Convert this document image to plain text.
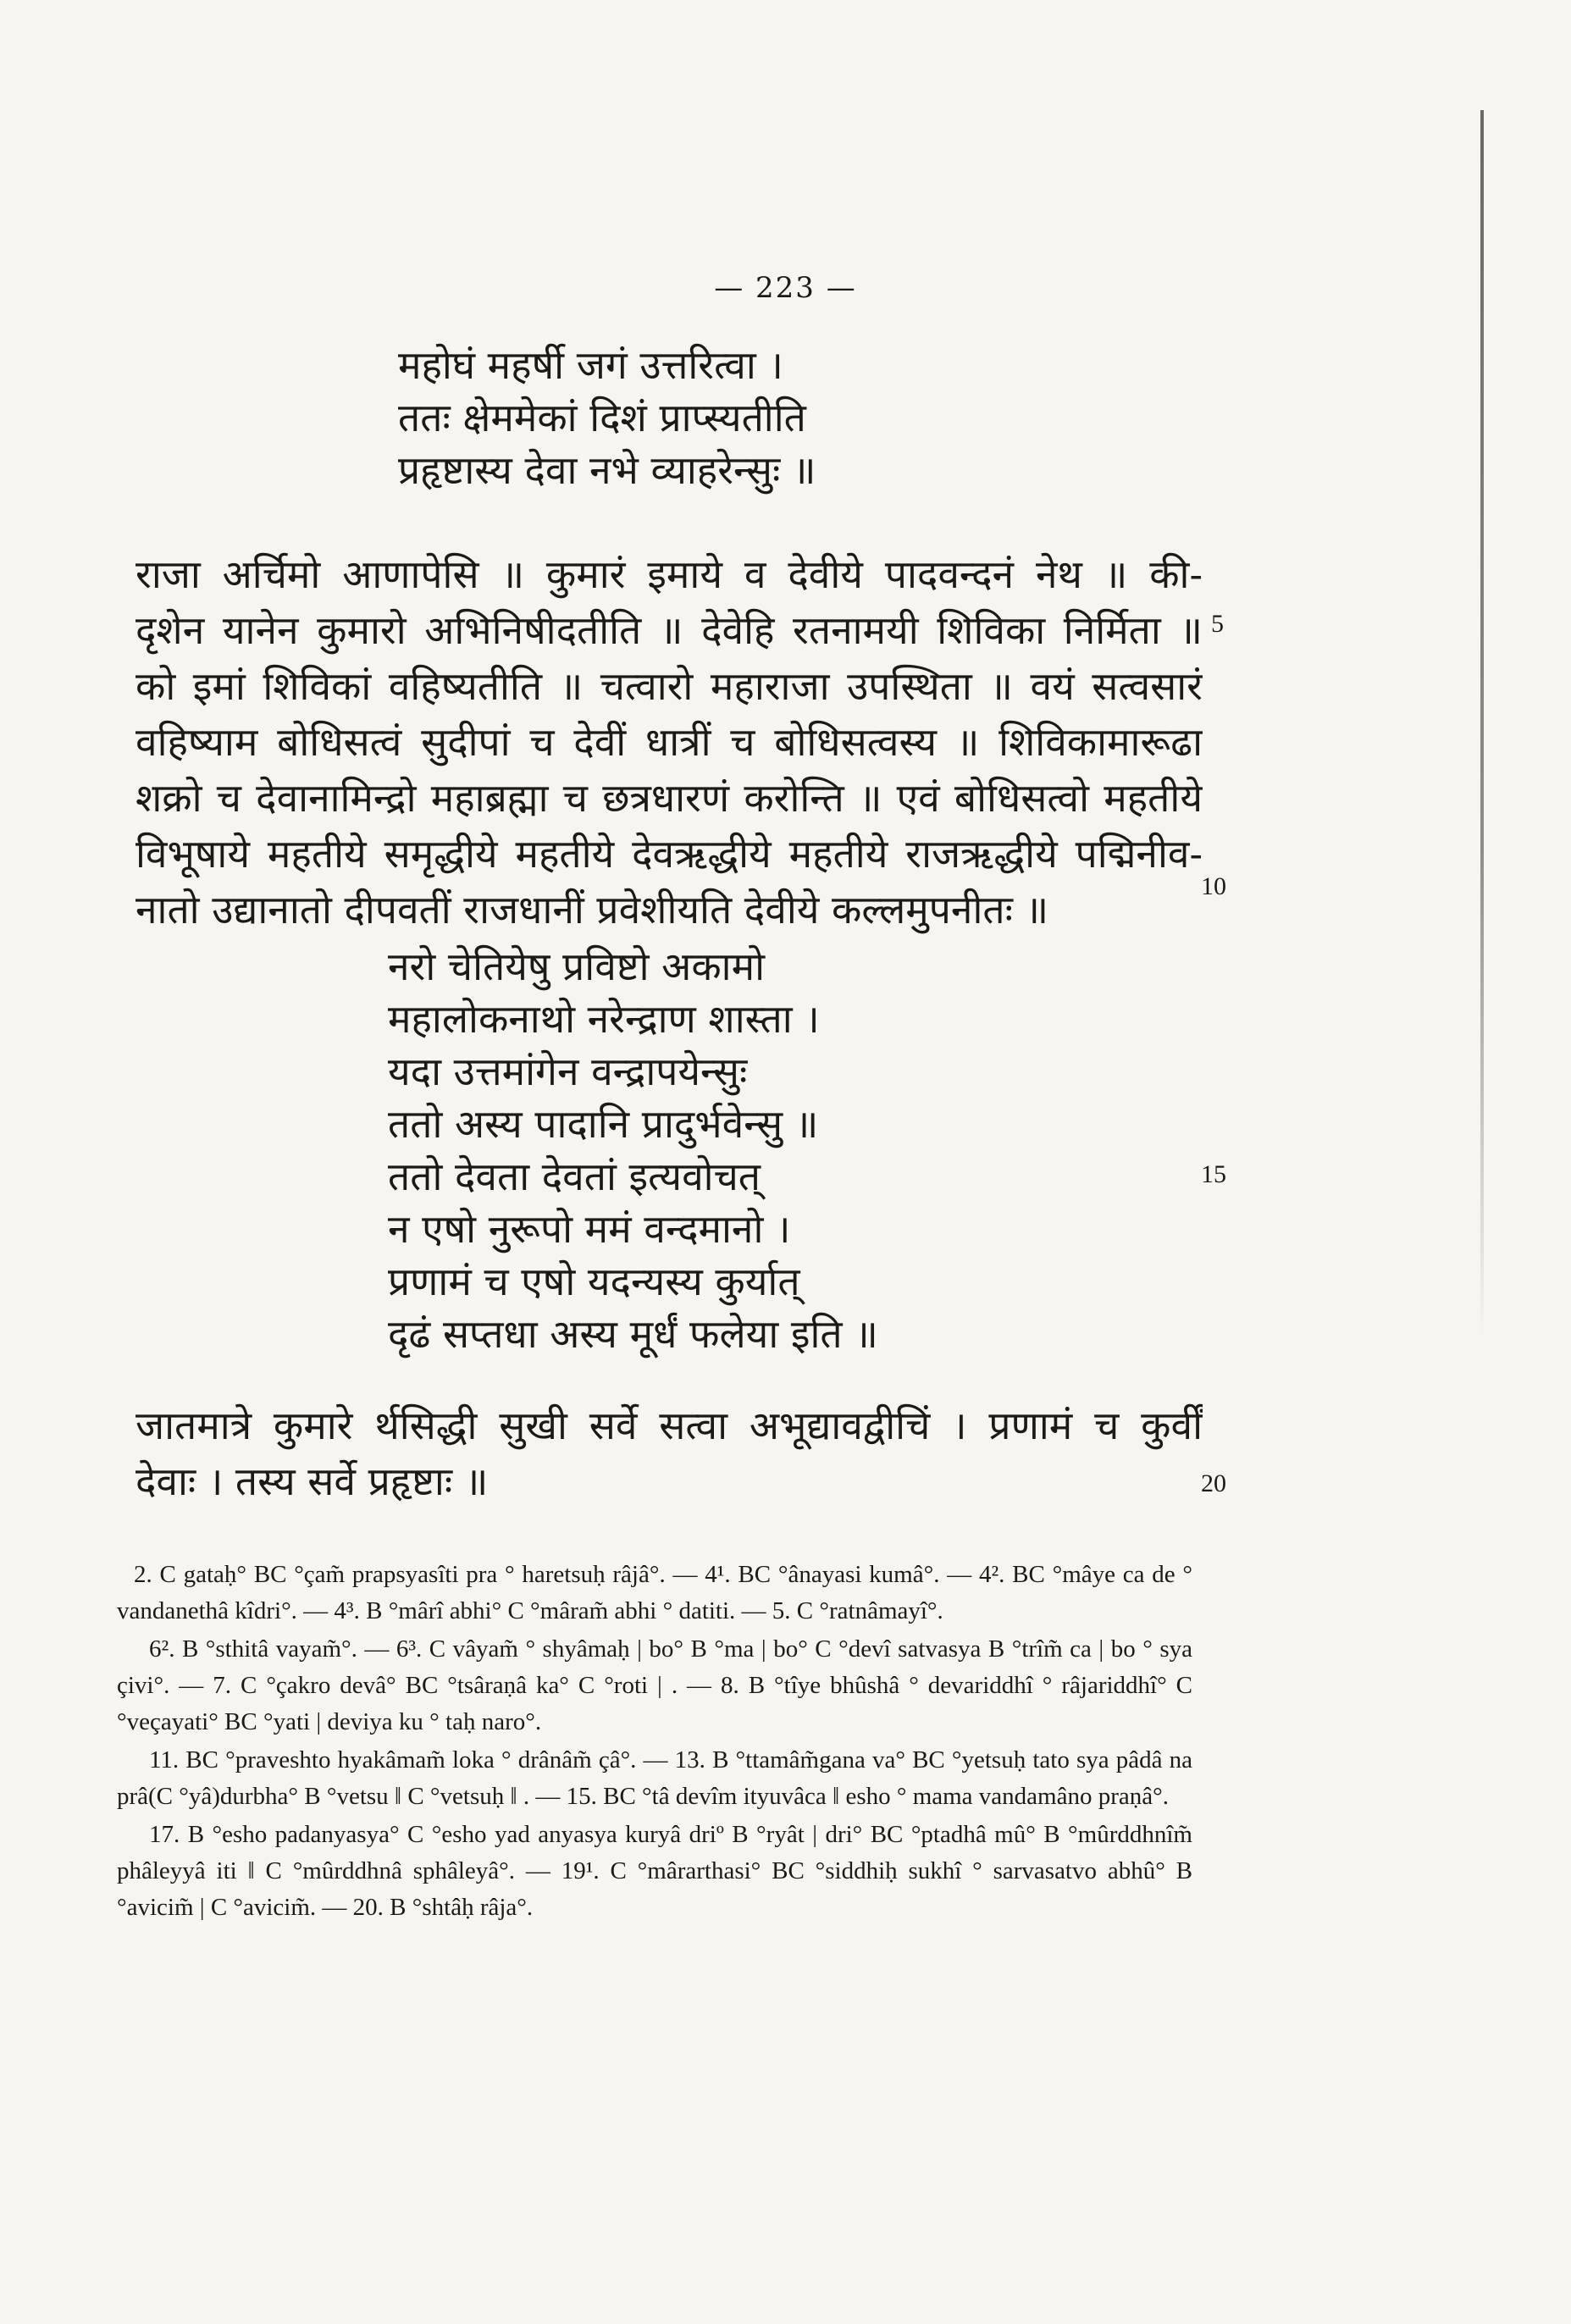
— 223 —
महोघं महर्षी जगं उत्तरित्वा ।
ततः क्षेममेकां दिशं प्राप्स्यतीति
प्रहृष्टास्य देवा नभे व्याहरेन्सुः ॥
राजा अर्चिमो आणापेसि ॥ कुमारं इमाये व देवीये पादवन्दनं नेथ ॥ की-
दृशेन यानेन कुमारो अभिनिषीदतीति ॥ देवेहि रतनामयी शिविका निर्मिता ॥
को इमां शिविकां वहिष्यतीति ॥ चत्वारो महाराजा उपस्थिता ॥ वयं सत्वसारं
वहिष्याम बोधिसत्वं सुदीपां च देवीं धात्रीं च बोधिसत्वस्य ॥ शिविकामारूढा
शक्रो च देवानामिन्द्रो महाब्रह्मा च छत्रधारणं करोन्ति ॥ एवं बोधिसत्वो महतीये
विभूषाये महतीये समृद्धीये महतीये देवऋद्धीये महतीये राजऋद्धीये पद्मिनीव-
नातो उद्यानातो दीपवतीं राजधानीं प्रवेशीयति देवीये कल्लमुपनीतः ॥
नरो चेतियेषु प्रविष्टो अकामो
महालोकनाथो नरेन्द्राण शास्ता ।
यदा उत्तमांगेन वन्द्रापयेन्सुः
ततो अस्य पादानि प्रादुर्भवेन्सु ॥
ततो देवता देवतां इत्यवोचत्
न एषो नुरूपो ममं वन्दमानो ।
प्रणामं च एषो यदन्यस्य कुर्यात्
दृढं सप्तधा अस्य मूर्धं फलेया इति ॥
जातमात्रे कुमारे र्थसिद्धी सुखी सर्वे सत्वा अभूद्यावद्वीचिं । प्रणामं च कुर्वीं
देवाः । तस्य सर्वे प्रहृष्टाः ॥
5
10
15
20

2. C gataḥ° BC °çam̃ prapsyasîti pra ° haretsuḥ râjâ°. — 4¹. BC °ânayasi kumâ°. — 4². BC °mâye ca de ° vandanethâ kîdri°. — 4³. B °mârî abhi° C °mâram̃ abhi ° datiti. — 5. C °ratnâmayî°.

6². B °sthitâ vayam̃°. — 6³. C vâyam̃ ° shyâmaḥ | bo° B °ma | bo° C °devî satvasya B °trîm̃ ca | bo ° sya çivi°. — 7. C °çakro devâ° BC °tsâraṇâ ka° C °roti | . — 8. B °tîye bhûshâ ° devariddhî ° râjariddhî° C °veçayati° BC °yati | deviya ku ° taḥ naro°.

11. BC °praveshto hyakâmam̃ loka ° drânâm̃ çâ°. — 13. B °ttamâm̃gana va° BC °yetsuḥ tato sya pâdâ na prâ(C °yâ)durbha° B °vetsu ‖ C °vetsuḥ ‖ . — 15. BC °tâ devîm ityuvâca ‖ esho ° mama vandamâno praṇâ°.

17. B °esho padanyasya° C °esho yad anyasya kuryâ driº B °ryât | dri° BC °ptadhâ mû° B °mûrddhnîm̃ phâleyyâ iti ‖ C °mûrddhnâ sphâleyâ°. — 19¹. C °mârarthasi° BC °siddhiḥ sukhî ° sarvasatvo abhû° B °avicim̃ | C °avicim̃. — 20. B °shtâḥ râja°.
